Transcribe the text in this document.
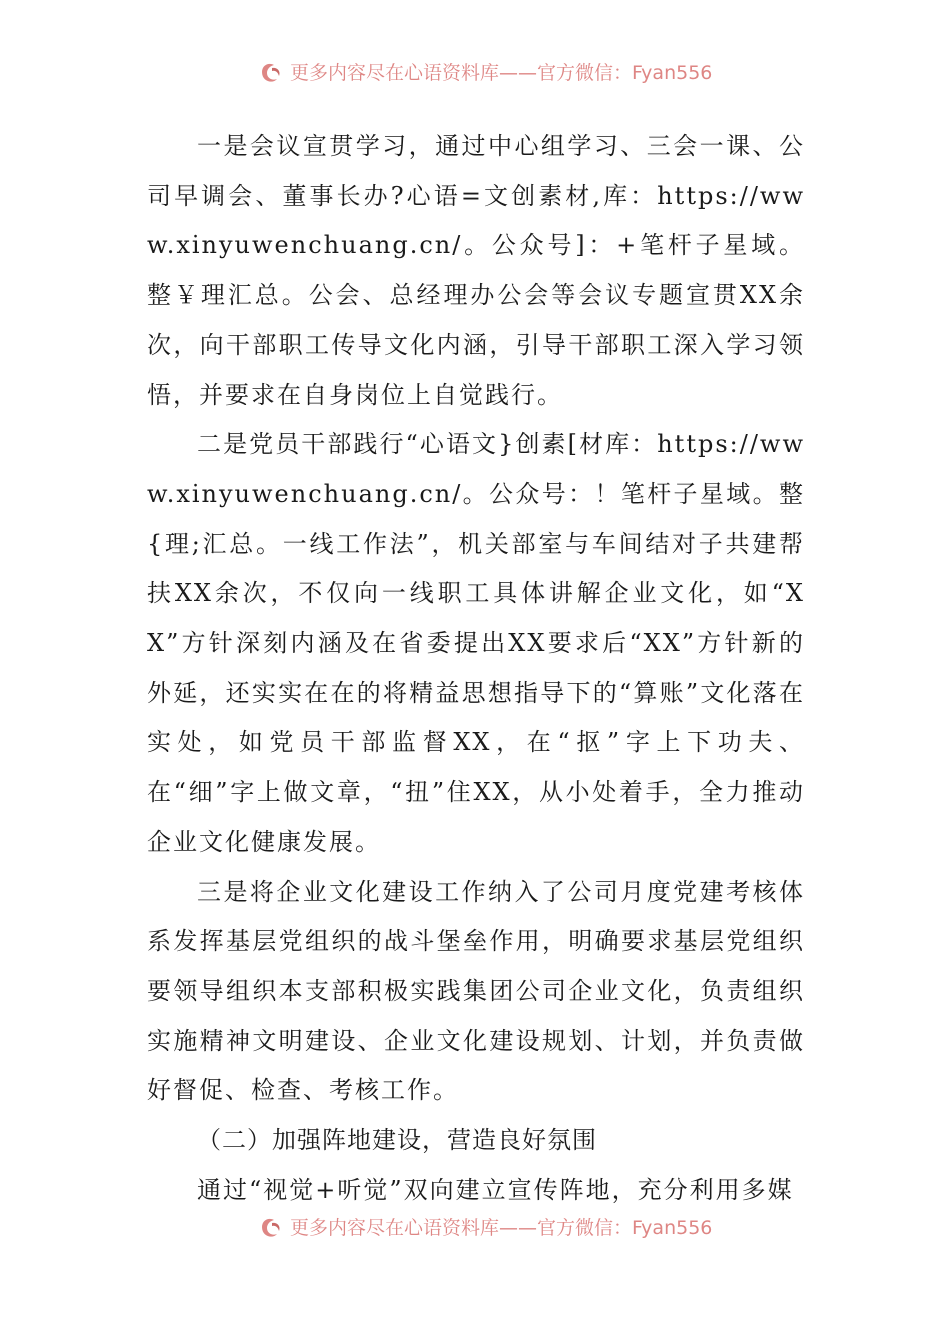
更多内容尽在心语资料库——官方微信：Fyan556

一是会议宣贯学习，通过中心组学习、三会一课、公司早调会、董事长办?心语=文创素材,库：https://www.xinyuwenchuang.cn/。公众号]：+笔杆子星域。整￥理汇总。公会、总经理办公会等会议专题宣贯XX余次，向干部职工传导文化内涵，引导干部职工深入学习领悟，并要求在自身岗位上自觉践行。

二是党员干部践行“心语文}创素[材库：https://www.xinyuwenchuang.cn/。公众号：！笔杆子星域。整{理;汇总。一线工作法”，机关部室与车间结对子共建帮扶XX余次，不仅向一线职工具体讲解企业文化，如“XX”方针深刻内涵及在省委提出XX要求后“XX”方针新的外延，还实实在在的将精益思想指导下的“算账”文化落在实处，如党员干部监督XX，在“抠”字上下功夫、在“细”字上做文章，“扭”住XX，从小处着手，全力推动企业文化健康发展。

三是将企业文化建设工作纳入了公司月度党建考核体系发挥基层党组织的战斗堡垒作用，明确要求基层党组织要领导组织本支部积极实践集团公司企业文化，负责组织实施精神文明建设、企业文化建设规划、计划，并负责做好督促、检查、考核工作。

（二）加强阵地建设，营造良好氛围

通过“视觉+听觉”双向建立宣传阵地，充分利用多媒

更多内容尽在心语资料库——官方微信：Fyan556
